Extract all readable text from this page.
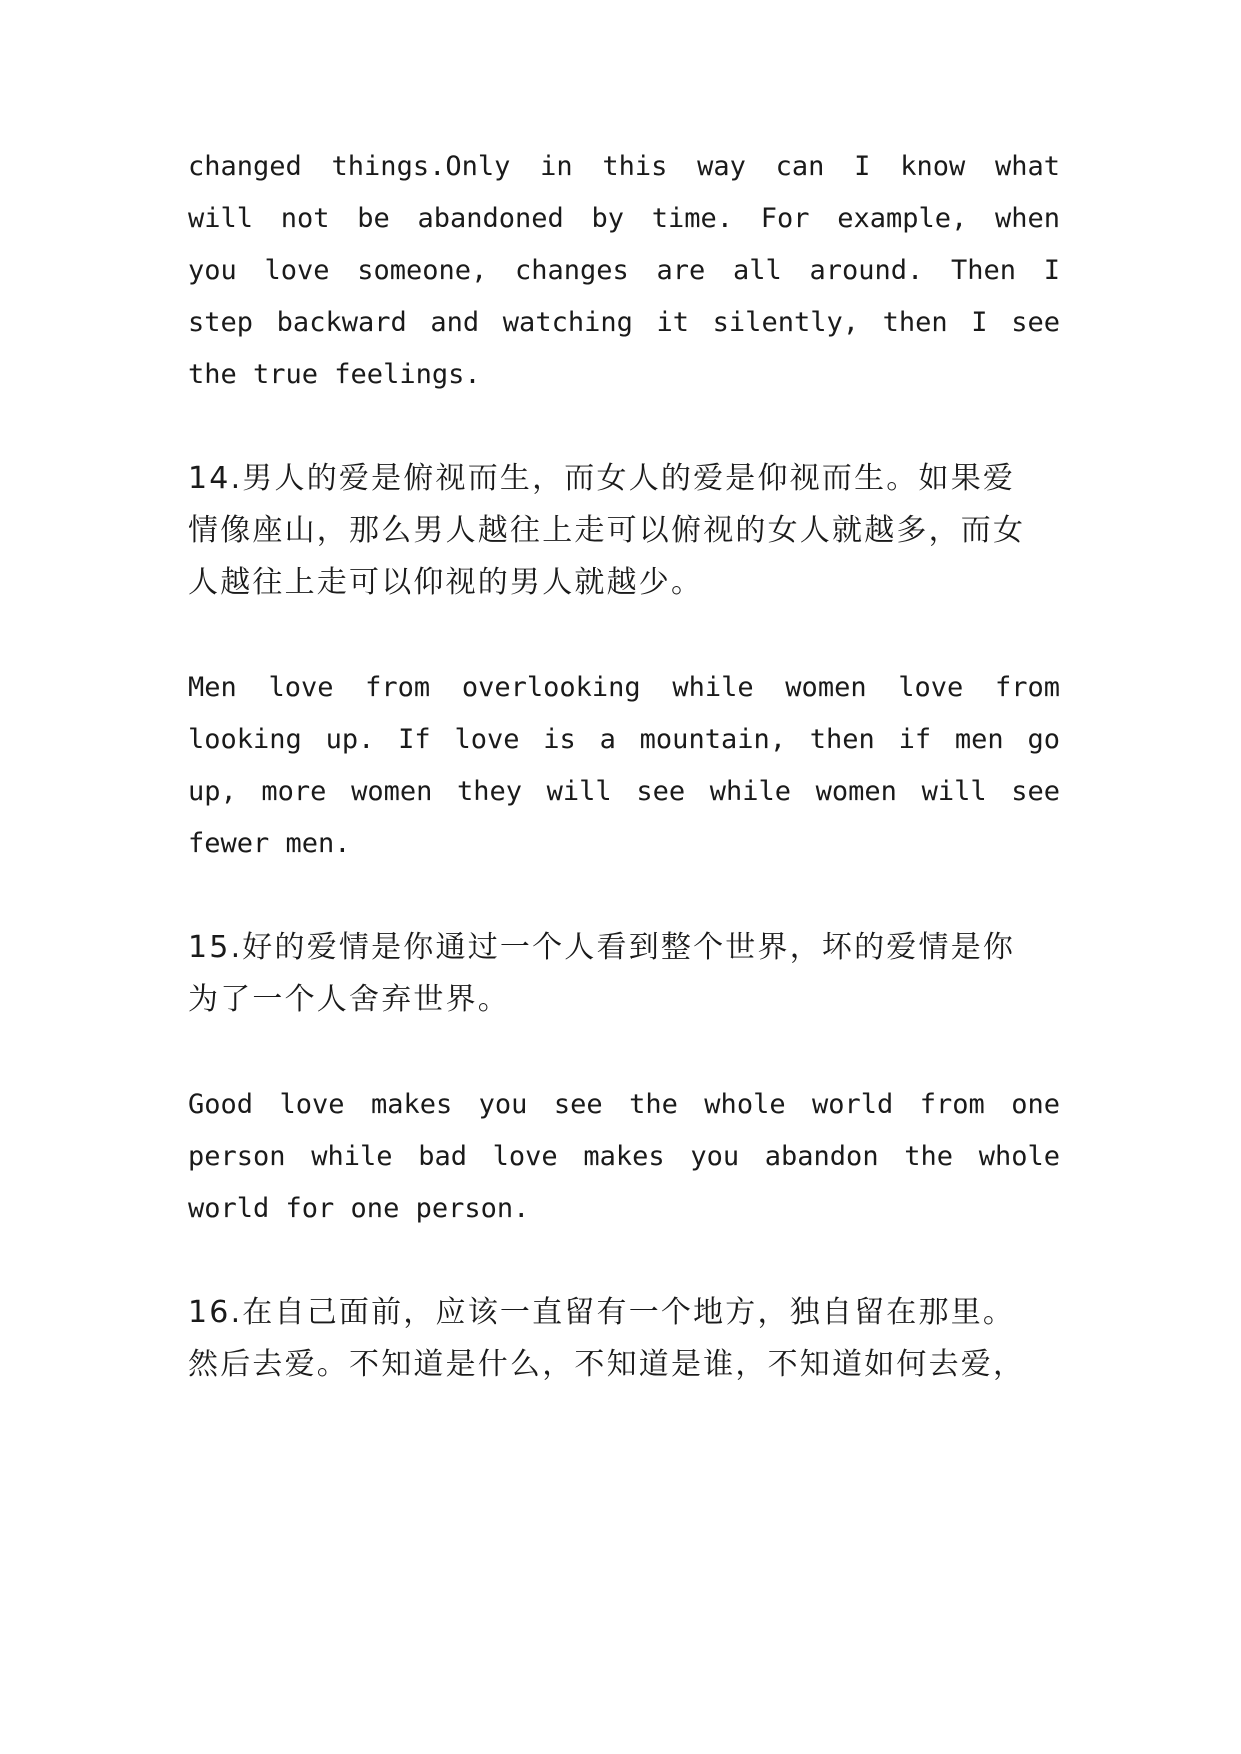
changed things.Only in this way can I know what
will not be abandoned by time. For example, when
you love someone, changes are all around. Then I
step backward and watching it silently, then I see
the true feelings.
14.男人的爱是俯视而生，而女人的爱是仰视而生。如果爱
情像座山，那么男人越往上走可以俯视的女人就越多，而女
人越往上走可以仰视的男人就越少。
Men love from overlooking while women love from
looking up. If love is a mountain, then if men go
up, more women they will see while women will see
fewer men.
15.好的爱情是你通过一个人看到整个世界，坏的爱情是你
为了一个人舍弃世界。
Good love makes you see the whole world from one
person while bad love makes you abandon the whole
world for one person.
16.在自己面前，应该一直留有一个地方，独自留在那里。
然后去爱。不知道是什么，不知道是谁，不知道如何去爱，
